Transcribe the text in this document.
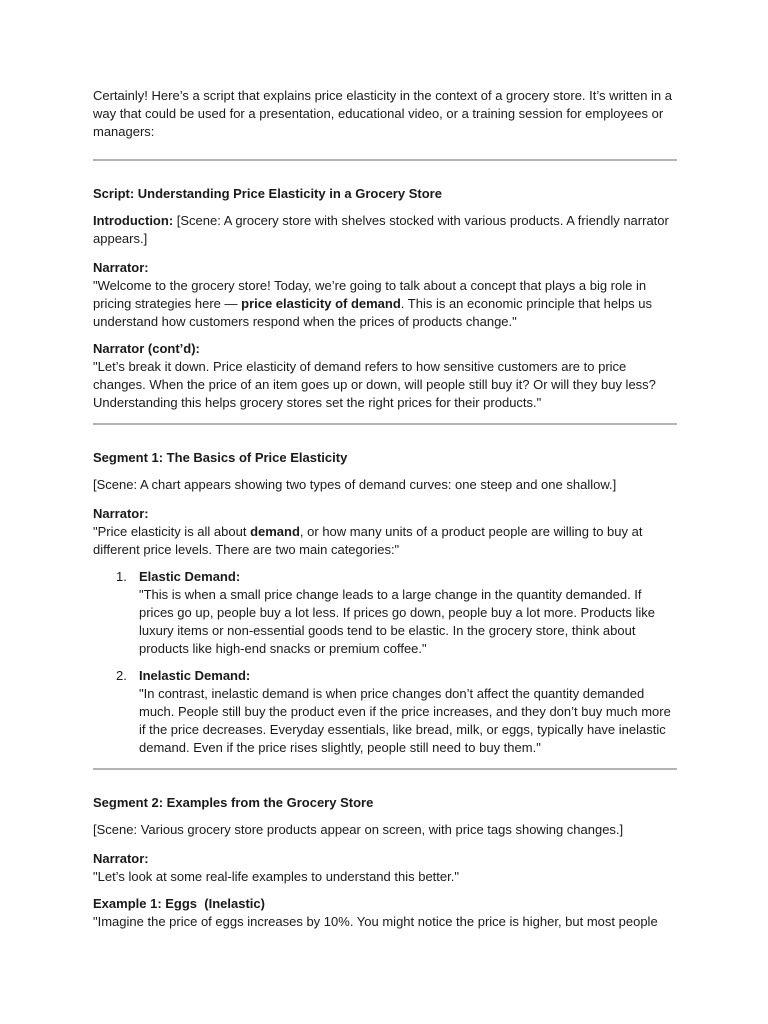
Certainly! Here’s a script that explains price elasticity in the context of a grocery store. It’s written in a way that could be used for a presentation, educational video, or a training session for employees or managers:

Script: Understanding Price Elasticity in a Grocery Store

Introduction: [Scene: A grocery store with shelves stocked with various products. A friendly narrator appears.]

Narrator:

"Welcome to the grocery store! Today, we’re going to talk about a concept that plays a big role in pricing strategies here — price elasticity of demand. This is an economic principle that helps us understand how customers respond when the prices of products change."

Narrator (cont’d):

"Let’s break it down. Price elasticity of demand refers to how sensitive customers are to price changes. When the price of an item goes up or down, will people still buy it? Or will they buy less? Understanding this helps grocery stores set the right prices for their products."

Segment 1: The Basics of Price Elasticity

[Scene: A chart appears showing two types of demand curves: one steep and one shallow.]

Narrator:

"Price elasticity is all about demand, or how many units of a product people are willing to buy at different price levels. There are two main categories:"

1. Elastic Demand:

"This is when a small price change leads to a large change in the quantity demanded. If prices go up, people buy a lot less. If prices go down, people buy a lot more. Products like luxury items or non-essential goods tend to be elastic. In the grocery store, think about products like high-end snacks or premium coffee."

2. Inelastic Demand:

"In contrast, inelastic demand is when price changes don’t affect the quantity demanded much. People still buy the product even if the price increases, and they don’t buy much more if the price decreases. Everyday essentials, like bread, milk, or eggs, typically have inelastic demand. Even if the price rises slightly, people still need to buy them."

Segment 2: Examples from the Grocery Store

[Scene: Various grocery store products appear on screen, with price tags showing changes.]

Narrator:

"Let’s look at some real-life examples to understand this better."

Example 1: Eggs  (Inelastic)

"Imagine the price of eggs increases by 10%. You might notice the price is higher, but most people
